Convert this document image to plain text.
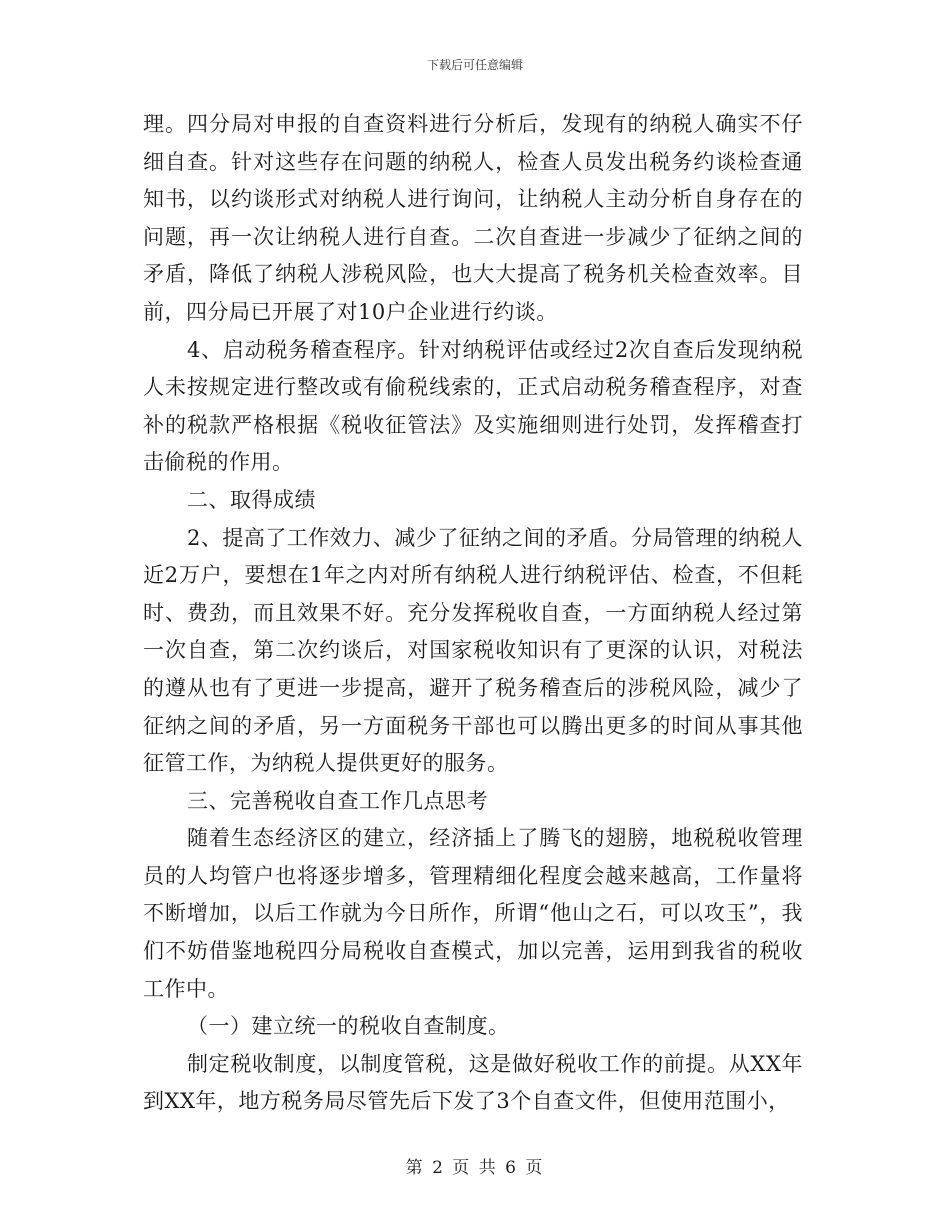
下载后可任意编辑

理。四分局对申报的自查资料进行分析后，发现有的纳税人确实不仔细自查。针对这些存在问题的纳税人，检查人员发出税务约谈检查通知书，以约谈形式对纳税人进行询问，让纳税人主动分析自身存在的问题，再一次让纳税人进行自查。二次自查进一步减少了征纳之间的矛盾，降低了纳税人涉税风险，也大大提高了税务机关检查效率。目前，四分局已开展了对10户企业进行约谈。

4、启动税务稽查程序。针对纳税评估或经过2次自查后发现纳税人未按规定进行整改或有偷税线索的，正式启动税务稽查程序，对查补的税款严格根据《税收征管法》及实施细则进行处罚，发挥稽查打击偷税的作用。

二、取得成绩

2、提高了工作效力、减少了征纳之间的矛盾。分局管理的纳税人近2万户，要想在1年之内对所有纳税人进行纳税评估、检查，不但耗时、费劲，而且效果不好。充分发挥税收自查，一方面纳税人经过第一次自查，第二次约谈后，对国家税收知识有了更深的认识，对税法的遵从也有了更进一步提高，避开了税务稽查后的涉税风险，减少了征纳之间的矛盾，另一方面税务干部也可以腾出更多的时间从事其他征管工作，为纳税人提供更好的服务。

三、完善税收自查工作几点思考

随着生态经济区的建立，经济插上了腾飞的翅膀，地税税收管理员的人均管户也将逐步增多，管理精细化程度会越来越高，工作量将不断增加，以后工作就为今日所作，所谓“他山之石，可以攻玉”，我们不妨借鉴地税四分局税收自查模式，加以完善，运用到我省的税收工作中。

（一）建立统一的税收自查制度。

制定税收制度，以制度管税，这是做好税收工作的前提。从XX年到XX年，地方税务局尽管先后下发了3个自查文件，但使用范围小，

第 2 页 共 6 页
